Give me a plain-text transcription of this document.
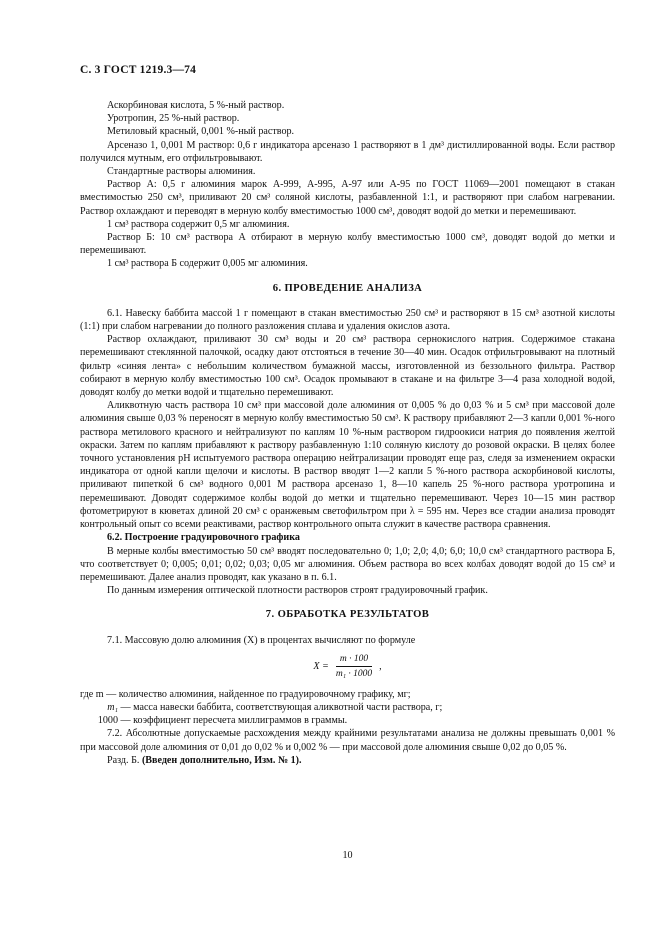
С. 3 ГОСТ 1219.3—74

Аскорбиновая кислота, 5 %-ный раствор.

Уротропин, 25 %-ный раствор.

Метиловый красный, 0,001 %-ный раствор.

Арсеназо 1, 0,001 М раствор: 0,6 г индикатора арсеназо 1 растворяют в 1 дм³ дистиллированной воды. Если раствор получился мутным, его отфильтровывают.

Стандартные растворы алюминия.

Раствор А: 0,5 г алюминия марок А-999, А-995, А-97 или А-95 по ГОСТ 11069—2001 помещают в стакан вместимостью 250 см³, приливают 20 см³ соляной кислоты, разбавленной 1:1, и растворяют при слабом нагревании. Раствор охлаждают и переводят в мерную колбу вместимостью 1000 см³, доводят водой до метки и перемешивают.

1 см³ раствора содержит 0,5 мг алюминия.

Раствор Б: 10 см³ раствора А отбирают в мерную колбу вместимостью 1000 см³, доводят водой до метки и перемешивают.

1 см³ раствора Б содержит 0,005 мг алюминия.

6. ПРОВЕДЕНИЕ АНАЛИЗА

6.1. Навеску баббита массой 1 г помещают в стакан вместимостью 250 см³ и растворяют в 15 см³ азотной кислоты (1:1) при слабом нагревании до полного разложения сплава и удаления окислов азота.

Раствор охлаждают, приливают 30 см³ воды и 20 см³ раствора сернокислого натрия. Содержимое стакана перемешивают стеклянной палочкой, осадку дают отстояться в течение 30—40 мин. Осадок отфильтровывают на плотный фильтр «синяя лента» с небольшим количеством бумажной массы, изготовленной из беззольного фильтра. Раствор собирают в мерную колбу вместимостью 100 см³. Осадок промывают в стакане и на фильтре 3—4 раза холодной водой, доводят колбу до метки водой и тщательно перемешивают.

Аликвотную часть раствора 10 см³ при массовой доле алюминия от 0,005 % до 0,03 % и 5 см³ при массовой доле алюминия свыше 0,03 % переносят в мерную колбу вместимостью 50 см³. К раствору прибавляют 2—3 капли 0,001 %-ного раствора метилового красного и нейтрализуют по каплям 10 %-ным раствором гидроокиси натрия до появления желтой окраски. Затем по каплям прибавляют к раствору разбавленную 1:10 соляную кислоту до розовой окраски. В целях более точного установления pH испытуемого раствора операцию нейтрализации проводят еще раз, следя за изменением окраски индикатора от одной капли щелочи и кислоты. В раствор вводят 1—2 капли 5 %-ного раствора аскорбиновой кислоты, приливают пипеткой 6 см³ водного 0,001 М раствора арсеназо 1, 8—10 капель 25 %-ного раствора уротропина и перемешивают. Доводят содержимое колбы водой до метки и тщательно перемешивают. Через 10—15 мин раствор фотометрируют в кюветах длиной 20 см³ с оранжевым светофильтром при λ = 595 нм. Через все стадии анализа проводят контрольный опыт со всеми реактивами, раствор контрольного опыта служит в качестве раствора сравнения.

6.2. Построение градуировочного графика

В мерные колбы вместимостью 50 см³ вводят последовательно 0; 1,0; 2,0; 4,0; 6,0; 10,0 см³ стандартного раствора Б, что соответствует 0; 0,005; 0,01; 0,02; 0,03; 0,05 мг алюминия. Объем раствора во всех колбах доводят водой до 15 см³ и перемешивают. Далее анализ проводят, как указано в п. 6.1.

По данным измерения оптической плотности растворов строят градуировочный график.

7. ОБРАБОТКА РЕЗУЛЬТАТОВ

7.1. Массовую долю алюминия (X) в процентах вычисляют по формуле

$X = \frac{m \cdot 100}{\text{m₁ · 1000}}$ ,

где m — количество алюминия, найденное по градуировочному графику, мг;

m₁ — масса навески баббита, соответствующая аликвотной части раствора, г;

1000 — коэффициент пересчета миллиграммов в граммы.

7.2. Абсолютные допускаемые расхождения между крайними результатами анализа не должны превышать 0,001 % при массовой доле алюминия от 0,01 до 0,02 % и 0,002 % — при массовой доле алюминия свыше 0,02 до 0,05 %.

Разд. Б. (Введен дополнительно, Изм. № 1).

10
